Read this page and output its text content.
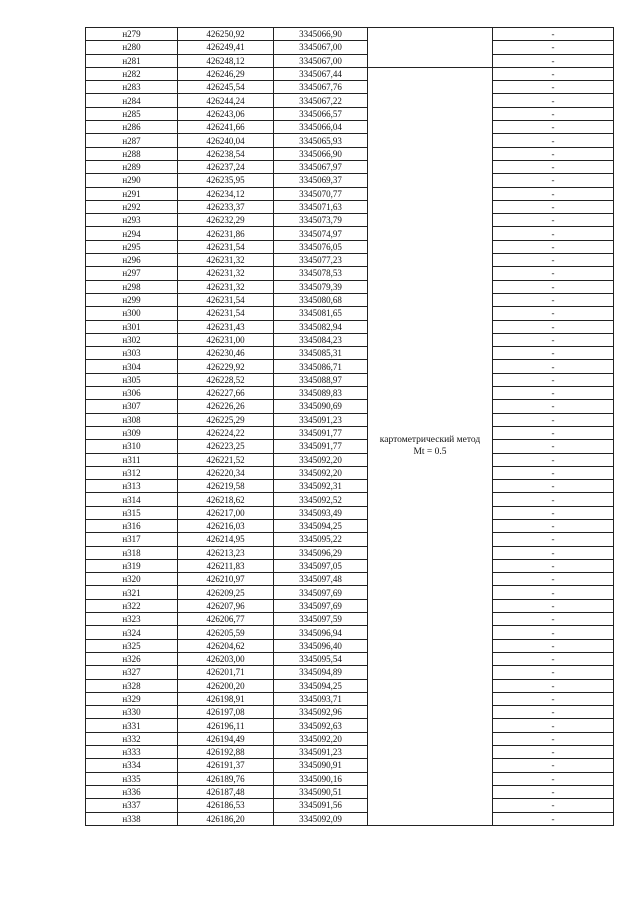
н279	426250,92	3345066,90		-
н280	426249,41	3345067,00		-
н281	426248,12	3345067,00		-
н282	426246,29	3345067,44	картометрический метод Mt = 0.5	-
н283	426245,54	3345067,76		-
н284	426244,24	3345067,22		-
н285	426243,06	3345066,57		-
н286	426241,66	3345066,04		-
н287	426240,04	3345065,93		-
н288	426238,54	3345066,90		-
н289	426237,24	3345067,97		-
н290	426235,95	3345069,37		-
н291	426234,12	3345070,77		-
н292	426233,37	3345071,63		-
н293	426232,29	3345073,79		-
н294	426231,86	3345074,97		-
н295	426231,54	3345076,05		-
н296	426231,32	3345077,23		-
н297	426231,32	3345078,53		-
н298	426231,32	3345079,39		-
н299	426231,54	3345080,68		-
н300	426231,54	3345081,65		-
н301	426231,43	3345082,94		-
н302	426231,00	3345084,23		-
н303	426230,46	3345085,31		-
н304	426229,92	3345086,71		-
н305	426228,52	3345088,97		-
н306	426227,66	3345089,83		-
н307	426226,26	3345090,69		-
н308	426225,29	3345091,23		-
н309	426224,22	3345091,77		-
н310	426223,25	3345091,77		-
н311	426221,52	3345092,20		-
н312	426220,34	3345092,20		-
н313	426219,58	3345092,31		-
н314	426218,62	3345092,52		-
н315	426217,00	3345093,49		-
н316	426216,03	3345094,25		-
н317	426214,95	3345095,22		-
н318	426213,23	3345096,29		-
н319	426211,83	3345097,05		-
н320	426210,97	3345097,48		-
н321	426209,25	3345097,69		-
н322	426207,96	3345097,69		-
н323	426206,77	3345097,59		-
н324	426205,59	3345096,94		-
н325	426204,62	3345096,40		-
н326	426203,00	3345095,54		-
н327	426201,71	3345094,89		-
н328	426200,20	3345094,25		-
н329	426198,91	3345093,71		-
н330	426197,08	3345092,96		-
н331	426196,11	3345092,63		-
н332	426194,49	3345092,20		-
н333	426192,88	3345091,23		-
н334	426191,37	3345090,91		-
н335	426189,76	3345090,16		-
н336	426187,48	3345090,51		-
н337	426186,53	3345091,56		-
н338	426186,20	3345092,09		-
